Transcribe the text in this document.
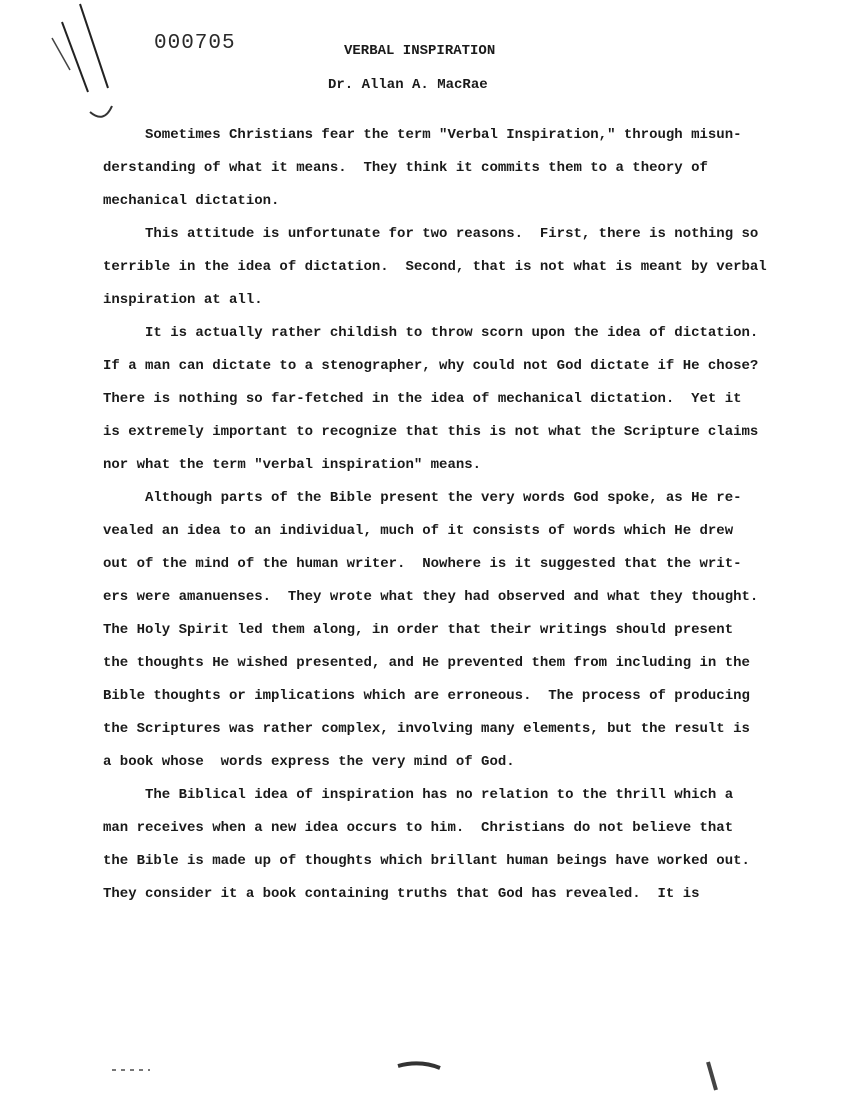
000705	VERBAL INSPIRATION
Dr. Allan A. MacRae
Sometimes Christians fear the term "Verbal Inspiration," through misun-
derstanding of what it means.  They think it commits them to a theory of
mechanical dictation.
This attitude is unfortunate for two reasons.  First, there is nothing so
terrible in the idea of dictation.  Second, that is not what is meant by verbal
inspiration at all.
It is actually rather childish to throw scorn upon the idea of dictation.
If a man can dictate to a stenographer, why could not God dictate if He chose?
There is nothing so far-fetched in the idea of mechanical dictation.  Yet it
is extremely important to recognize that this is not what the Scripture claims
nor what the term "verbal inspiration" means.
Although parts of the Bible present the very words God spoke, as He re-
vealed an idea to an individual, much of it consists of words which He drew
out of the mind of the human writer.  Nowhere is it suggested that the writ-
ers were amanuenses.  They wrote what they had observed and what they thought.
The Holy Spirit led them along, in order that their writings should present
the thoughts He wished presented, and He prevented them from including in the
Bible thoughts or implications which are erroneous.  The process of producing
the Scriptures was rather complex, involving many elements, but the result is
a book whose  words express the very mind of God.
The Biblical idea of inspiration has no relation to the thrill which a
man receives when a new idea occurs to him.  Christians do not believe that
the Bible is made up of thoughts which brillant human beings have worked out.
They consider it a book containing truths that God has revealed.  It is
